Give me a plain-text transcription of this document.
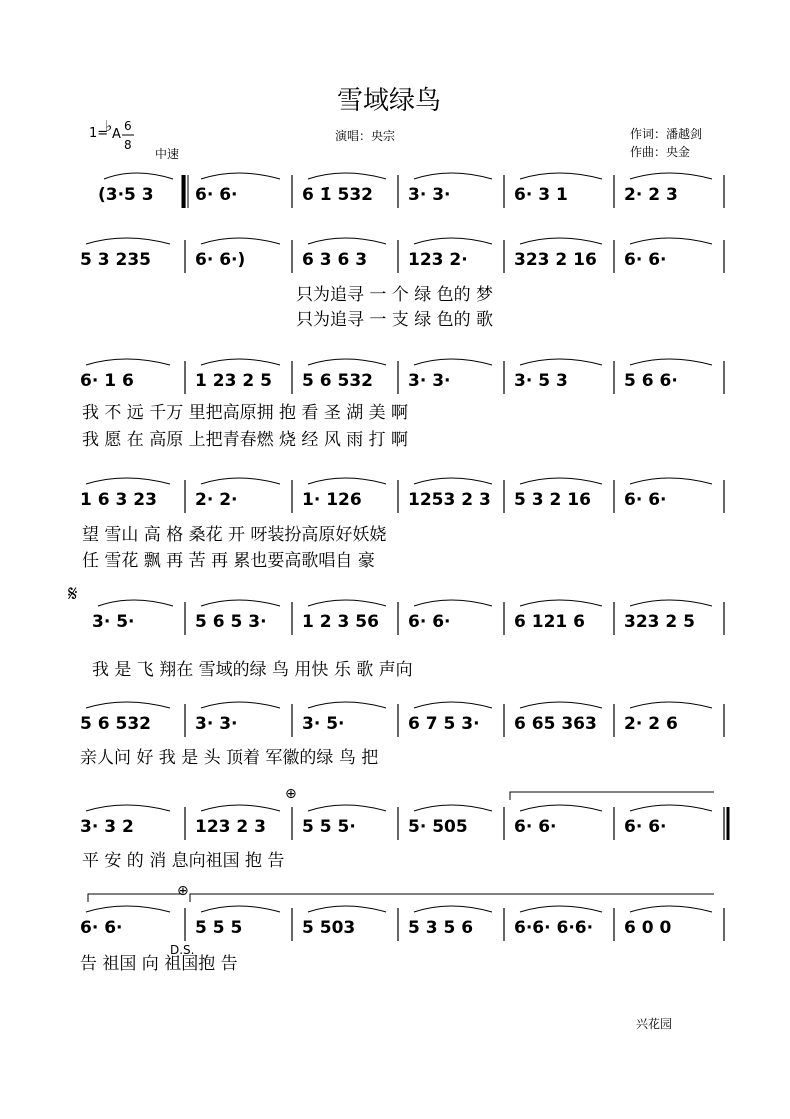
雪域绿鸟
1=
♭ A
6
8
中速
演唱：央宗	作词：潘越剑
作曲：央金
(3·5 3 6· 6·	6 1̇ 532 3· 3·	6· 3 1	2· 2 3
5 3 235	6· 6·)	6 3 6 3 123 2·	323 2 16 6· 6·
6· 1 6	1 23 2 5 5 6 532 3· 3·	3· 5 3	5 6 6·
1 6 3 23 2· 2·	1· 126	1253 2 3 5 3 2 16 6· 6·
3· 5·	5 6 5 3· 1 2 3 56 6· 6·	6 121 6 323 2 5
5 6 532	3· 3·	3· 5·	6 7 5 3· 6 65 363 2· 2 6
3· 3 2	123 2 3 5 5 5·	5· 505	6· 6·	6· 6·
6· 6·	5 5 5	5 503	5 3 5 6 6·6· 6·6· 6 0 0
𝄋
⊕
⊕
D.S.
只为追寻 一 个 绿 色的 梦
只为追寻 一 支 绿 色的 歌
我 不 远 千万 里把高原拥 抱 看 圣 湖 美 啊
我 愿 在 高原 上把青春燃 烧 经 风 雨 打 啊
望 雪山 高 格 桑花 开 呀装扮高原好妖娆
任 雪花 飘 再 苦 再 累也要高歌唱自 豪
我 是 飞 翔在 雪域的绿 鸟 用快 乐 歌 声向
亲人问 好 我 是 头 顶着 军徽的绿 鸟 把
平 安 的 消 息向祖国 抱 告
告 祖国 向 祖国抱 告
兴花园
